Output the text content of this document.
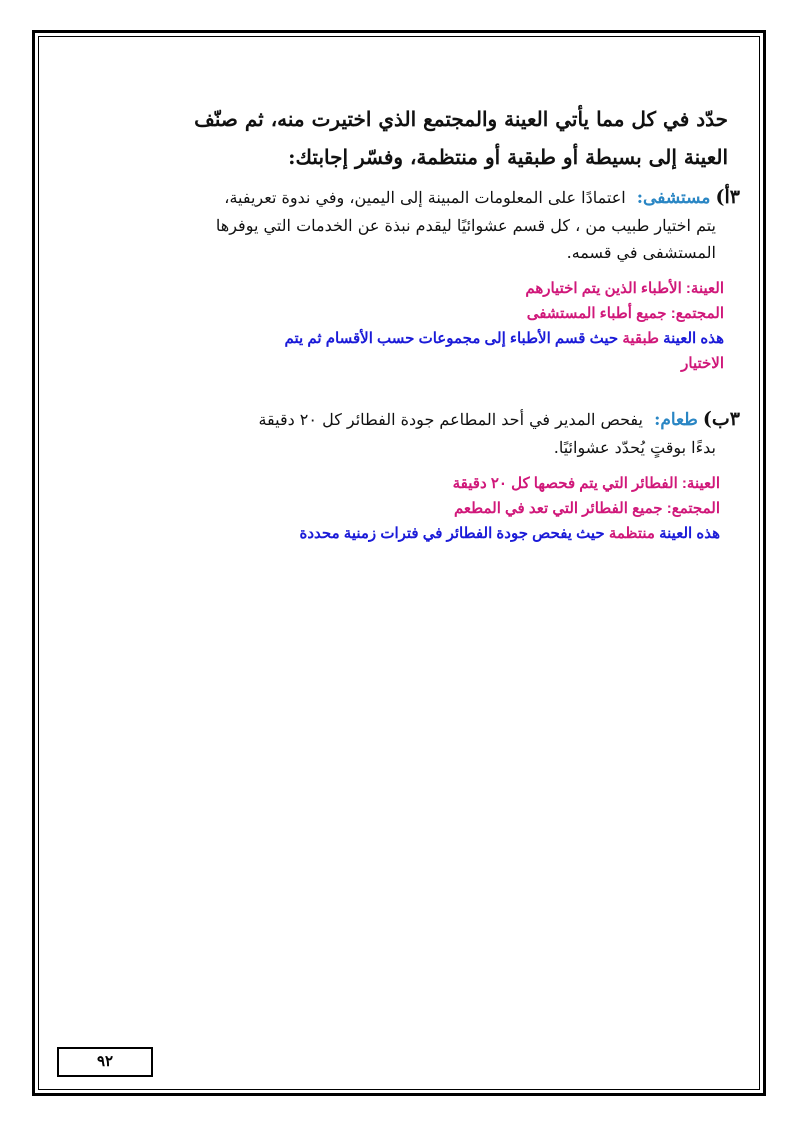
حدّد في كل مما يأتي العينة والمجتمع الذي اختيرت منه، ثم صنّف
العينة إلى بسيطة أو طبقية أو منتظمة، وفسّر إجابتك:
٣أ) مستشفى: اعتمادًا على المعلومات المبينة إلى اليمين، وفي ندوة تعريفية،
يتم اختيار طبيب من ، كل قسم عشوائيًا ليقدم نبذة عن الخدمات التي يوفرها
المستشفى في قسمه.
العينة: الأطباء الذين يتم اختيارهم
المجتمع: جميع أطباء المستشفى
هذه العينة طبقية حيث قسم الأطباء إلى مجموعات حسب الأقسام ثم يتم
الاختيار
٣ب) طعام: يفحص المدير في أحد المطاعم جودة الفطائر كل ٢٠ دقيقة
بدءًا بوقتٍ يُحدّد عشوائيًا.
العينة: الفطائر التي يتم فحصها كل ٢٠ دقيقة
المجتمع: جميع الفطائر التي تعد في المطعم
هذه العينة منتظمة حيث يفحص جودة الفطائر في فترات زمنية محددة
٩٢
